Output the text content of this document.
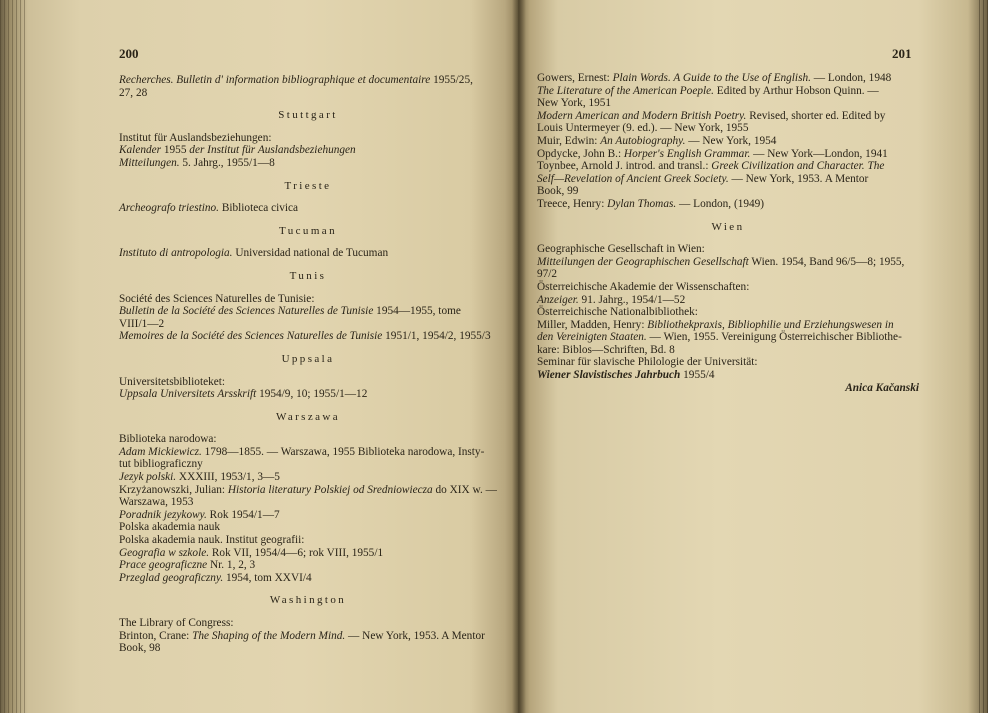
200
Recherches. Bulletin d' information bibliographique et documentaire 1955/25,
27, 28
Stuttgart
Institut für Auslandsbeziehungen:
Kalender 1955 der Institut für Auslandsbeziehungen
Mitteilungen. 5. Jahrg., 1955/1—8
Trieste
Archeografo triestino. Biblioteca civica
Tucuman
Instituto di antropologia. Universidad national de Tucuman
Tunis
Société des Sciences Naturelles de Tunisie:
Bulletin de la Société des Sciences Naturelles de Tunisie 1954—1955, tome
VIII/1—2
Memoires de la Société des Sciences Naturelles de Tunisie 1951/1, 1954/2, 1955/3
Uppsala
Universitetsbiblioteket:
Uppsala Universitets Arsskrift 1954/9, 10; 1955/1—12
Warszawa
Biblioteka narodowa:
Adam Mickiewicz. 1798—1855. — Warszawa, 1955 Biblioteka narodowa, Insty-
tut bibliograficzny
Jezyk polski. XXXIII, 1953/1, 3—5
Krzyżanowszki, Julian: Historia literatury Polskiej od Sredniowiecza do XIX w. —
Warszawa, 1953
Poradnik jezykowy. Rok 1954/1—7
Polska akademia nauk
Polska akademia nauk. Institut geografii:
Geografia w szkole. Rok VII, 1954/4—6; rok VIII, 1955/1
Prace geograficzne Nr. 1, 2, 3
Przeglad geograficzny. 1954, tom XXVI/4
Washington
The Library of Congress:
Brinton, Crane: The Shaping of the Modern Mind. — New York, 1953. A Mentor
Book, 98
201
Gowers, Ernest: Plain Words. A Guide to the Use of English. — London, 1948
The Literature of the American Poeple. Edited by Arthur Hobson Quinn. —
New York, 1951
Modern American and Modern British Poetry. Revised, shorter ed. Edited by
Louis Untermeyer (9. ed.). — New York, 1955
Muir, Edwin: An Autobiography. — New York, 1954
Opdycke, John B.: Horper's English Grammar. — New York—London, 1941
Toynbee, Arnold J. introd. and transl.: Greek Civilization and Character. The
Self—Revelation of Ancient Greek Society. — New York, 1953. A Mentor
Book, 99
Treece, Henry: Dylan Thomas. — London, (1949)
Wien
Geographische Gesellschaft in Wien:
Mitteilungen der Geographischen Gesellschaft Wien. 1954, Band 96/5—8; 1955,
97/2
Österreichische Akademie der Wissenschaften:
Anzeiger. 91. Jahrg., 1954/1—52
Österreichische Nationalbibliothek:
Miller, Madden, Henry: Bibliothekpraxis, Bibliophilie und Erziehungswesen in
den Vereinigten Staaten. — Wien, 1955. Vereinigung Österreichischer Bibliothe-
kare: Biblos—Schriften, Bd. 8
Seminar für slavische Philologie der Universität:
Wiener Slavistisches Jahrbuch 1955/4
Anica Kačanski
